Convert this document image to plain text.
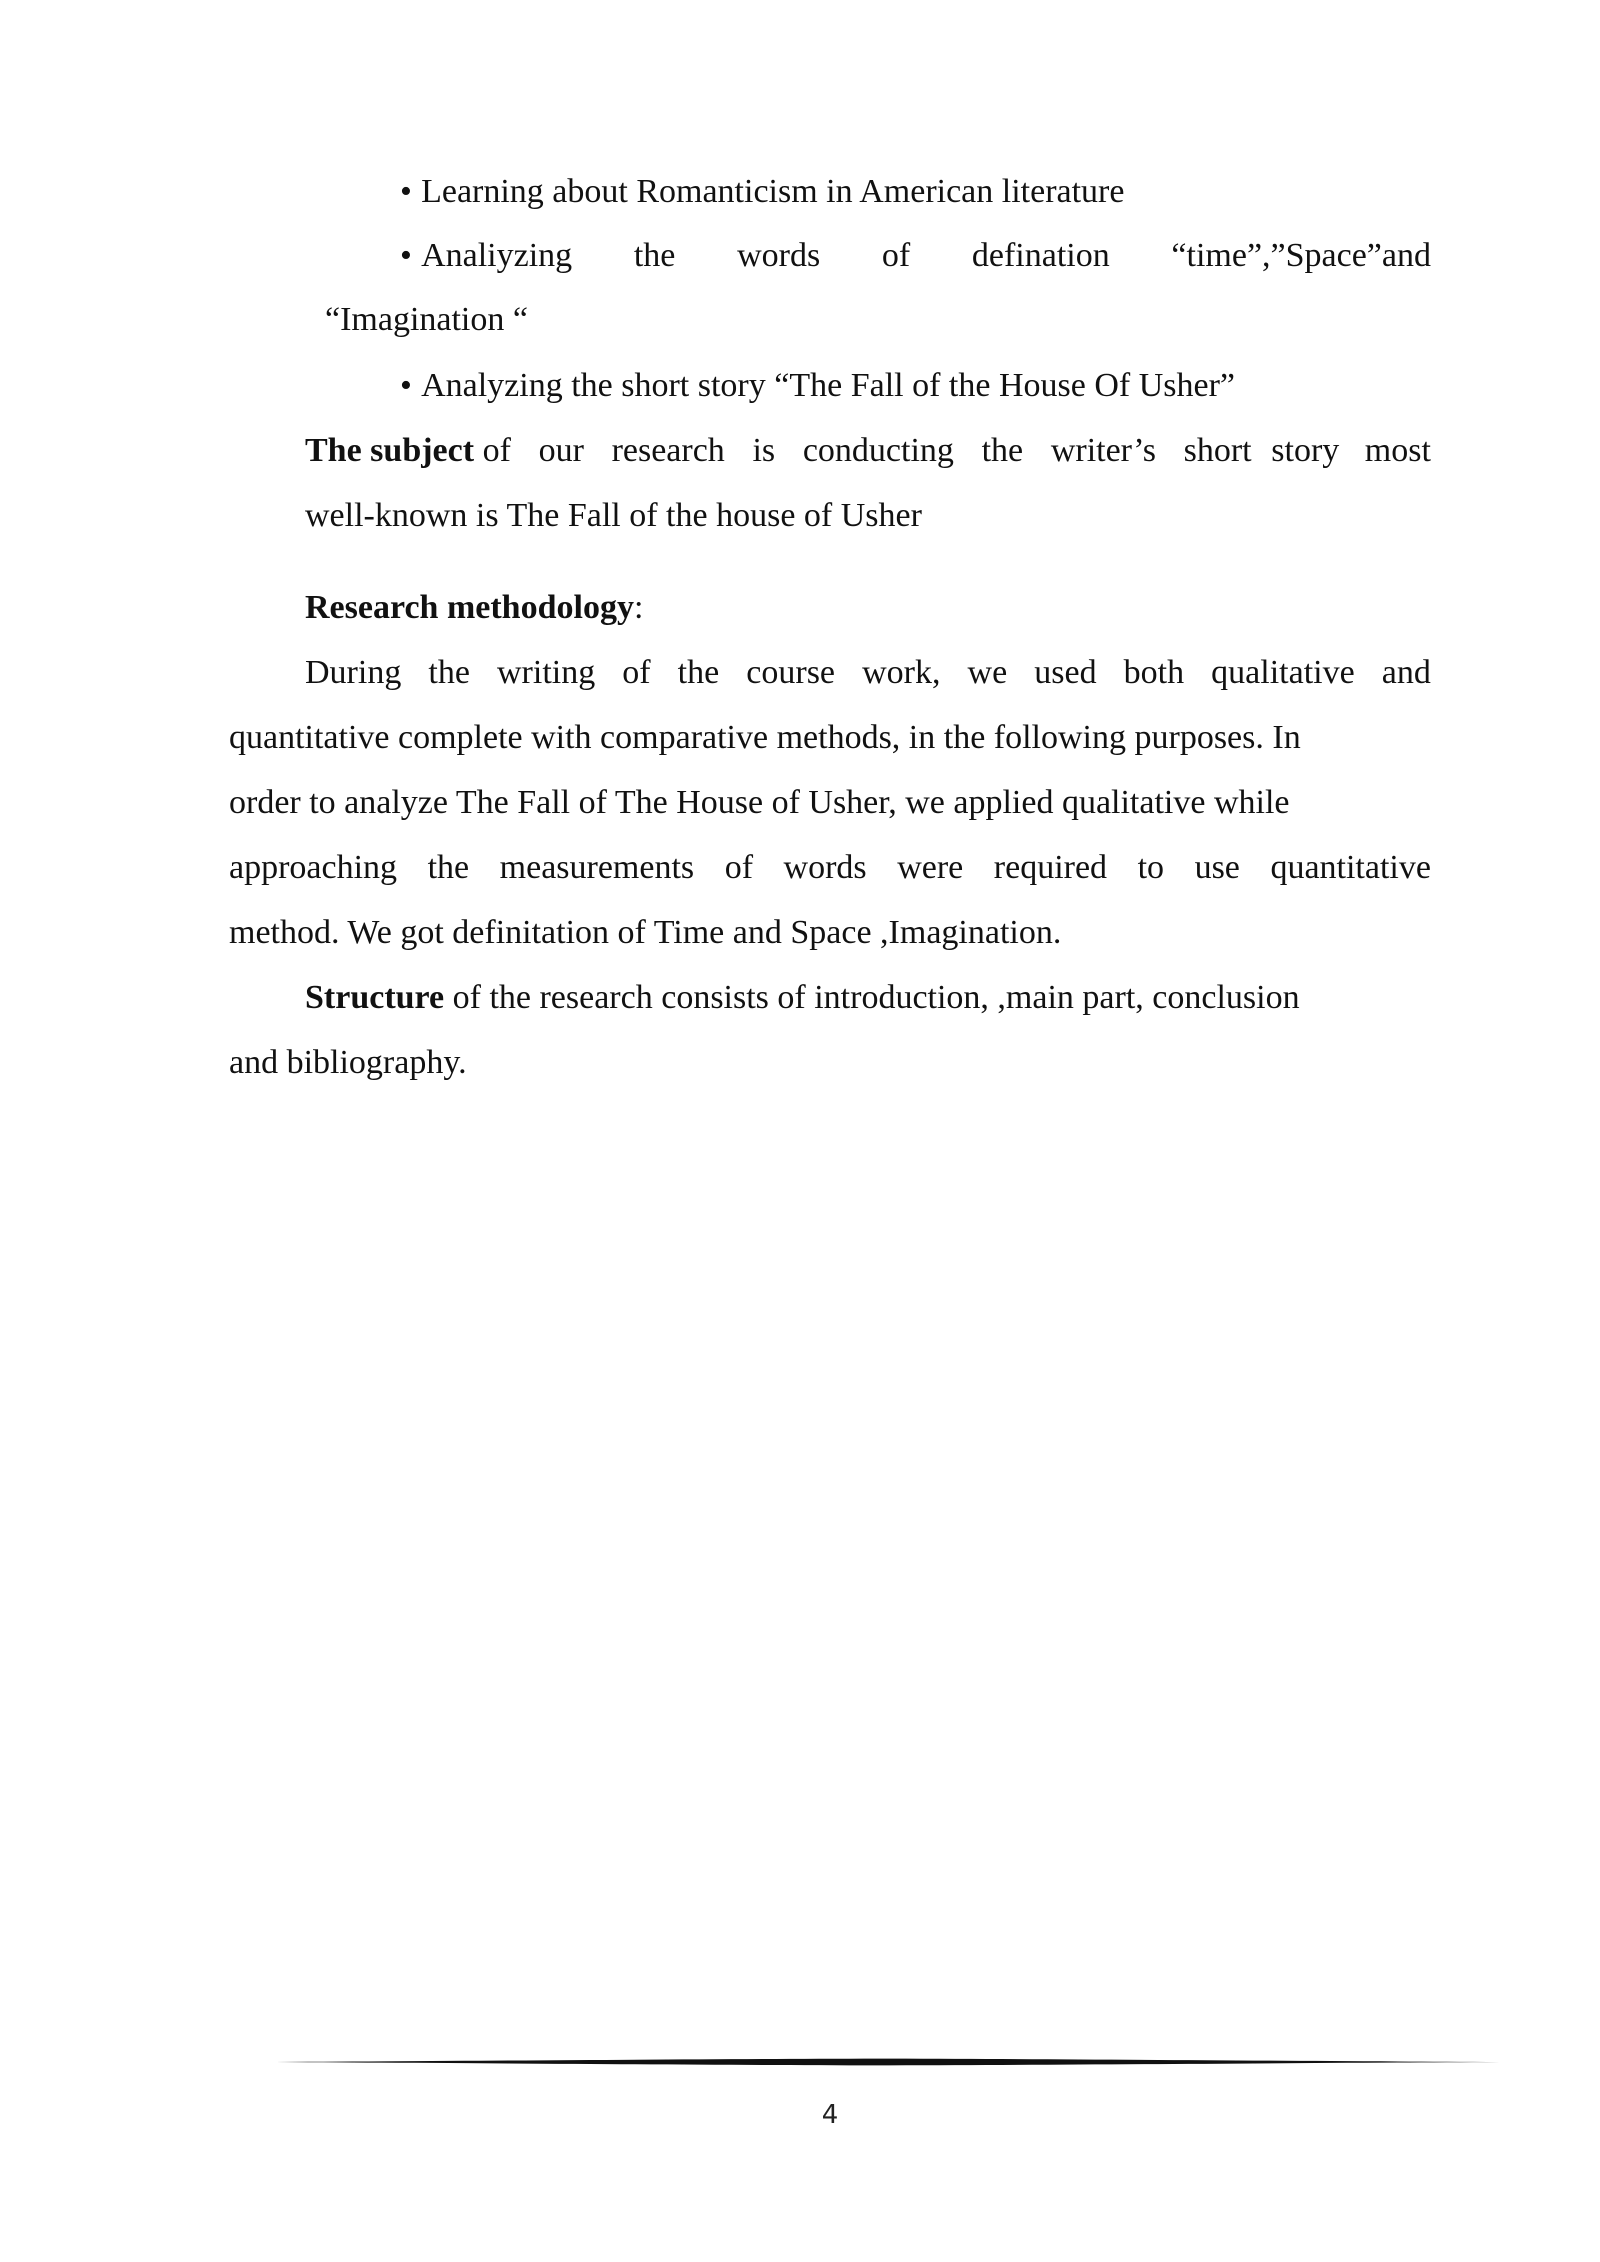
• Learning about Romanticism in American literature
• Analiyzing the words of defination “time”,”Space”and
“Imagination “
• Analyzing the short story “The Fall of the House Of Usher”
The subject of our research is conducting the writer’s short story most
well-known is The Fall of the house of Usher
Research methodology:
During the writing of the course work, we used both qualitative and
quantitative complete with comparative methods, in the following purposes. In
order to analyze The Fall of The House of Usher, we applied qualitative while
approaching the measurements of words were required to use quantitative
method. We got definitation of Time and Space ,Imagination.
Structure of the research consists of introduction, ,main part, conclusion
and bibliography.
4
